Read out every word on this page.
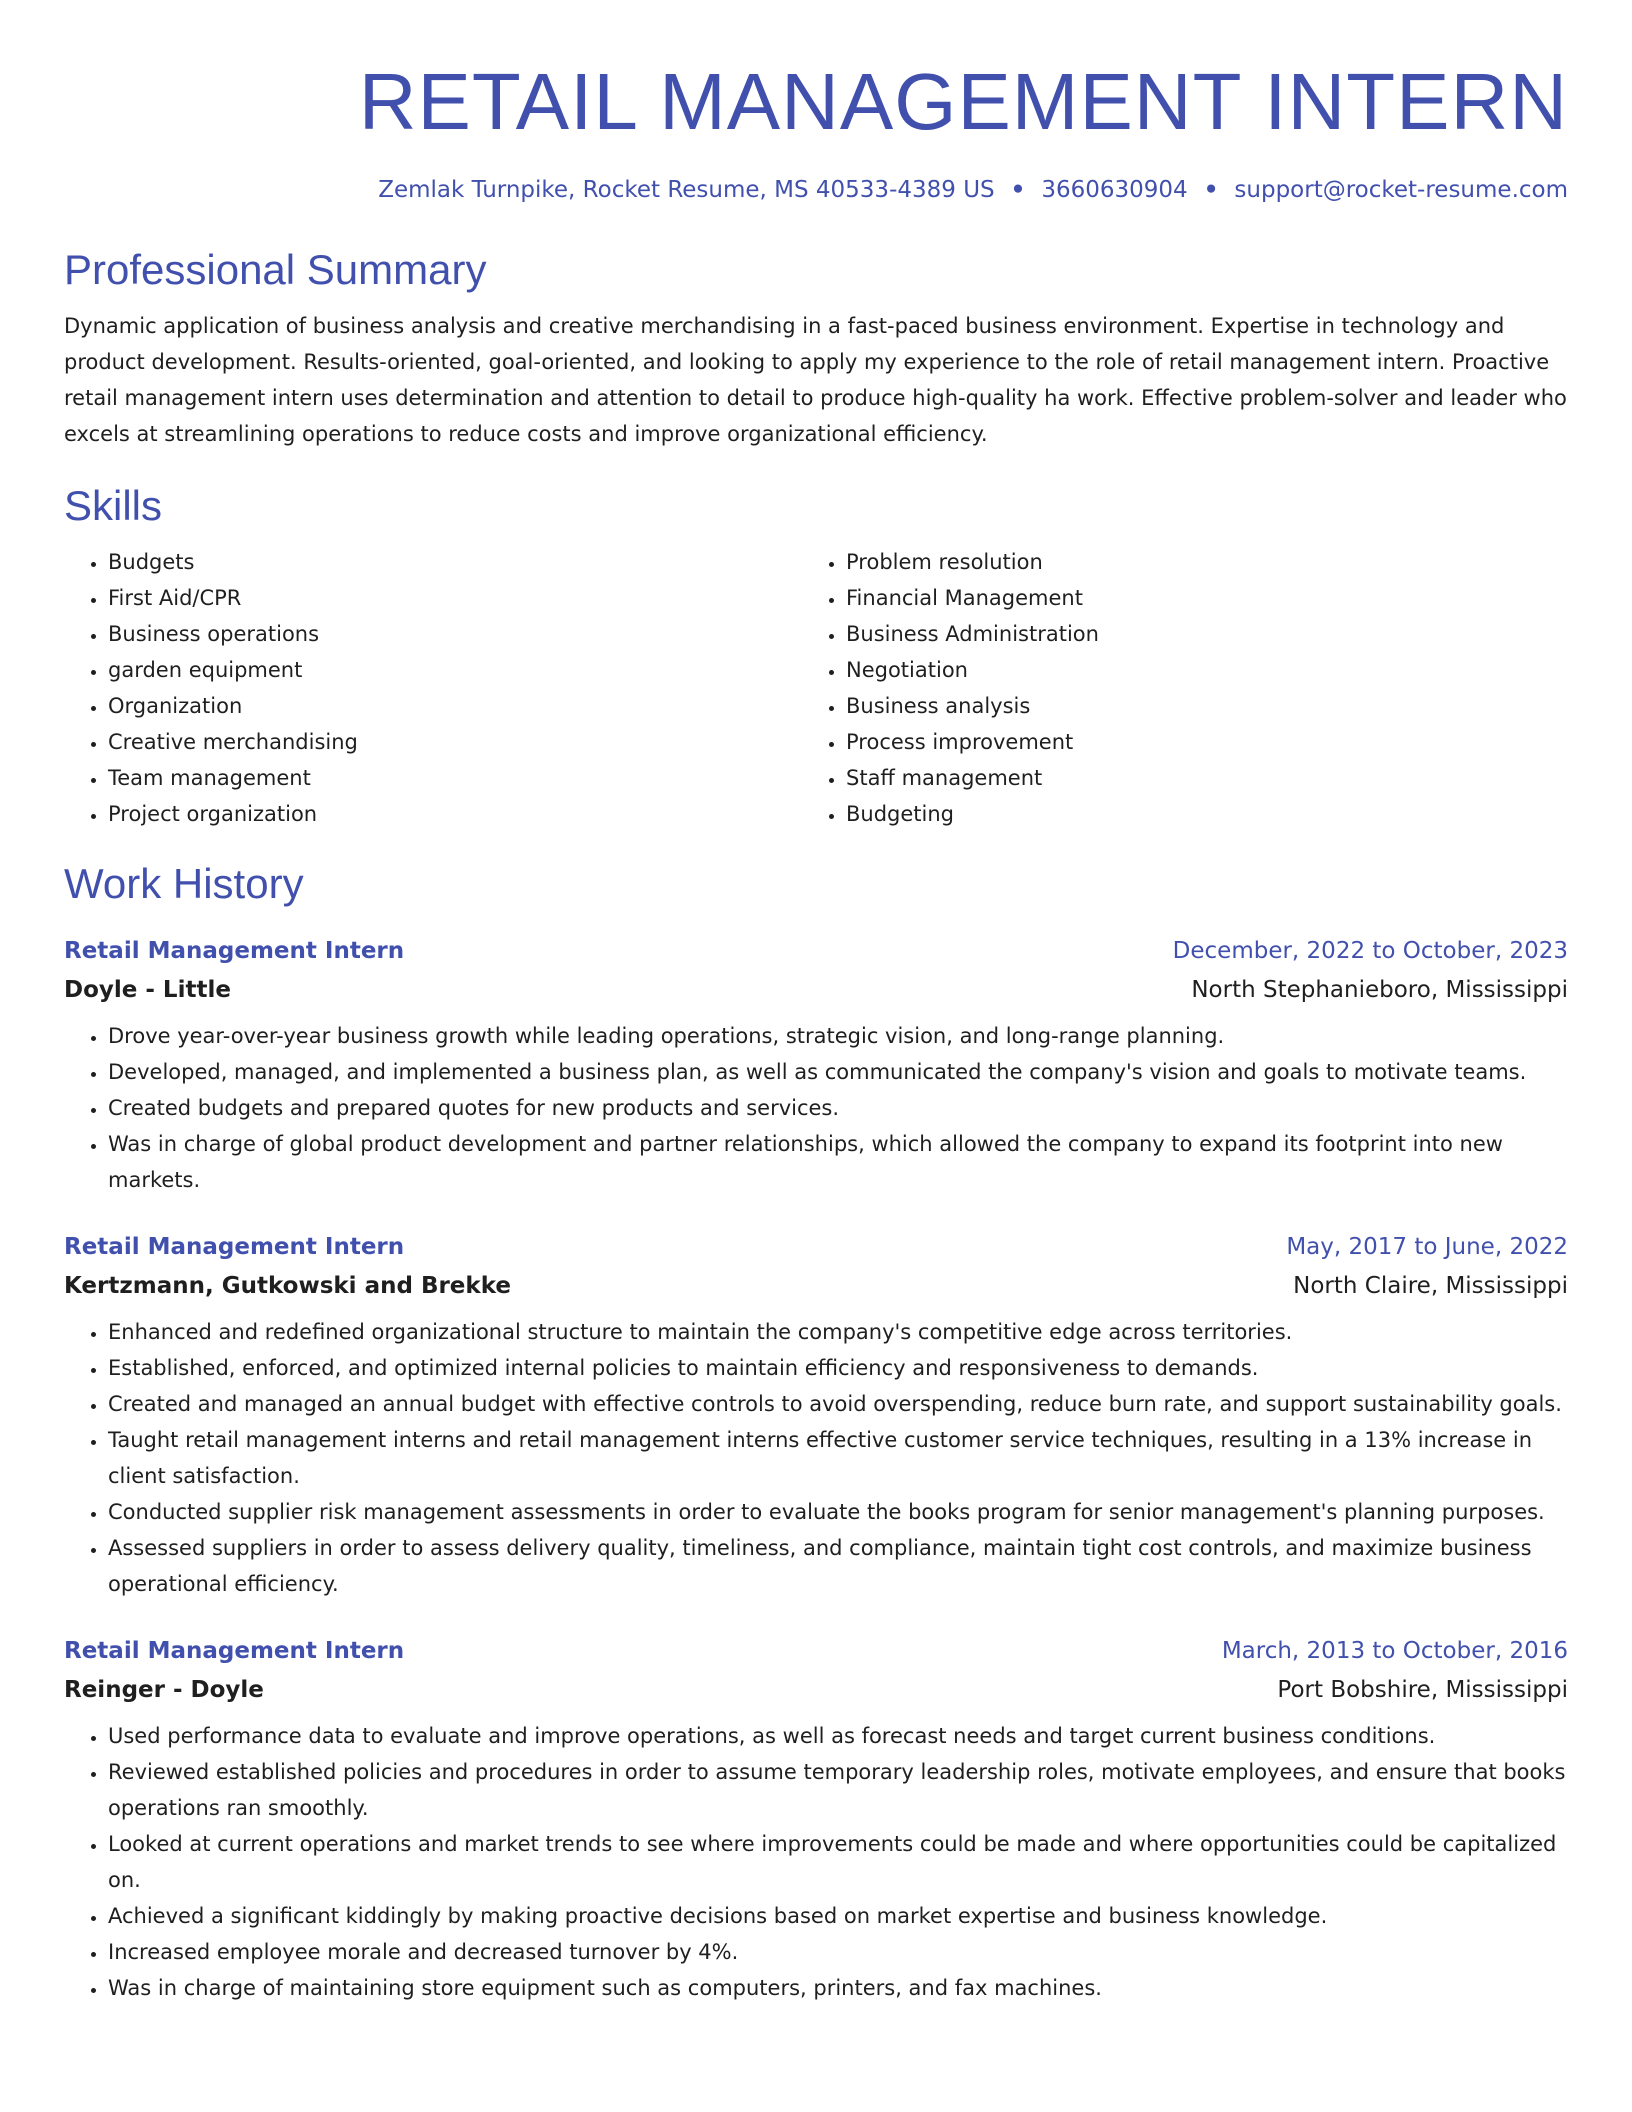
RETAIL MANAGEMENT INTERN
Zemlak Turnpike, Rocket Resume, MS 40533-4389 US • 3660630904 • support@rocket-resume.com
Professional Summary

Dynamic application of business analysis and creative merchandising in a fast-paced business environment. Expertise in technology and product development. Results-oriented, goal-oriented, and looking to apply my experience to the role of retail management intern. Proactive retail management intern uses determination and attention to detail to produce high-quality ha work. Effective problem-solver and leader who excels at streamlining operations to reduce costs and improve organizational efficiency.

Skills
• Budgets
• First Aid/CPR
• Business operations
• garden equipment
• Organization
• Creative merchandising
• Team management
• Project organization
• Problem resolution
• Financial Management
• Business Administration
• Negotiation
• Business analysis
• Process improvement
• Staff management
• Budgeting
Work History
Retail Management Intern	December, 2022 to October, 2023
Doyle - Little	North Stephanieboro, Mississippi
• Drove year-over-year business growth while leading operations, strategic vision, and long-range planning.
• Developed, managed, and implemented a business plan, as well as communicated the company's vision and goals to motivate teams.
• Created budgets and prepared quotes for new products and services.
• Was in charge of global product development and partner relationships, which allowed the company to expand its footprint into new markets.
Retail Management Intern	May, 2017 to June, 2022
Kertzmann, Gutkowski and Brekke	North Claire, Mississippi
• Enhanced and redefined organizational structure to maintain the company's competitive edge across territories.
• Established, enforced, and optimized internal policies to maintain efficiency and responsiveness to demands.
• Created and managed an annual budget with effective controls to avoid overspending, reduce burn rate, and support sustainability goals.
• Taught retail management interns and retail management interns effective customer service techniques, resulting in a 13% increase in client satisfaction.
• Conducted supplier risk management assessments in order to evaluate the books program for senior management's planning purposes.
• Assessed suppliers in order to assess delivery quality, timeliness, and compliance, maintain tight cost controls, and maximize business operational efficiency.
Retail Management Intern	March, 2013 to October, 2016
Reinger - Doyle	Port Bobshire, Mississippi
• Used performance data to evaluate and improve operations, as well as forecast needs and target current business conditions.
• Reviewed established policies and procedures in order to assume temporary leadership roles, motivate employees, and ensure that books operations ran smoothly.
• Looked at current operations and market trends to see where improvements could be made and where opportunities could be capitalized on.
• Achieved a significant kiddingly by making proactive decisions based on market expertise and business knowledge.
• Increased employee morale and decreased turnover by 4%.
• Was in charge of maintaining store equipment such as computers, printers, and fax machines.
